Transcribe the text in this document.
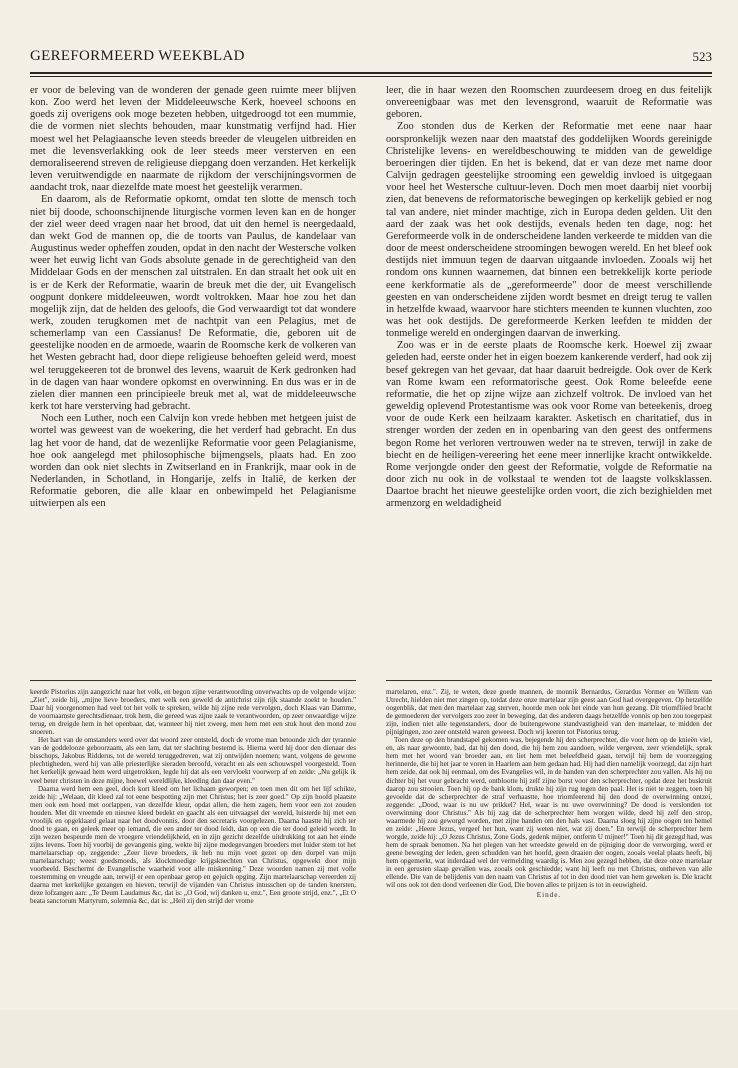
GEREFORMEERD WEEKBLAD	523

er voor de beleving van de wonderen der genade geen ruimte meer blijven kon. Zoo werd het leven der Middeleeuwsche Kerk, hoeveel schoons en goeds zij overigens ook moge bezeten hebben, uitgedroogd tot een mummie, die de vormen niet slechts behouden, maar kunstmatig verfijnd had. Hier moest wel het Pelagiaansche leven steeds breeder de vleugelen uitbreiden en met die levensverlakking ook de leer steeds meer versterven en een demoraliseerend streven de religieuse diepgang doen verzanden. Het kerkelijk leven veruitwendigde en naarmate de rijkdom der verschijningsvormen de aandacht trok, naar diezelfde mate moest het geestelijk verarmen.

En daarom, als de Reformatie opkomt, omdat ten slotte de mensch toch niet bij doode, schoonschijnende liturgische vormen leven kan en de honger der ziel weer deed vragen naar het brood, dat uit den hemel is neergedaald, dan wekt God de mannen op, die de toorts van Paulus, de kandelaar van Augustinus weder opheffen zouden, opdat in den nacht der Westersche volken weer het euwig licht van Gods absolute genade in de gerechtigheid van den Middelaar Gods en der menschen zal uitstralen. En dan straalt het ook uit en is er de Kerk der Reformatie, waarin de breuk met die der, uit Evangelisch oogpunt donkere middeleeuwen, wordt voltrokken. Maar hoe zou het dan mogelijk zijn, dat de helden des geloofs, die God verwaardigt tot dat wondere werk, zouden terugkomen met de nachtpit van een Pelagius, met de schemerlamp van een Cassianus! De Reformatie, die, geboren uit de geestelijke nooden en de armoede, waarin de Roomsche kerk de volkeren van het Westen gebracht had, door diepe religieuse behoeften geleid werd, moest wel teruggekeeren tot de bronwel des levens, waaruit de Kerk gedronken had in de dagen van haar wondere opkomst en overwinning. En dus was er in de zielen dier mannen een principieele breuk met al, wat de middeleeuwsche kerk tot hare versterving had gebracht.

Noch een Luther, noch een Calvijn kon vrede hebben met hetgeen juist de wortel was geweest van de woekering, die het verderf had gebracht. En dus lag het voor de hand, dat de wezenlijke Reformatie voor geen Pelagianisme, hoe ook aangelegd met philosophische bijmengsels, plaats had. En zoo worden dan ook niet slechts in Zwitserland en in Frankrijk, maar ook in de Nederlanden, in Schotland, in Hongarije, zelfs in Italië, de kerken der Reformatie geboren, die alle klaar en onbewimpeld het Pelagianisme uitwierpen als een

leer, die in haar wezen den Roomschen zuurdeesem droeg en dus feitelijk onvereenigbaar was met den levensgrond, waaruit de Reformatie was geboren.

Zoo stonden dus de Kerken der Reformatie met eene naar haar oorspronkelijk wezen naar den maatstaf des goddelijken Woords gereinigde Christelijke levens- en wereldbeschouwing te midden van de geweldige beroeringen dier tijden. En het is bekend, dat er van deze met name door Calvijn gedragen geestelijke strooming een geweldig invloed is uitgegaan voor heel het Westersche cultuur-leven. Doch men moet daarbij niet voorbij zien, dat benevens de reformatorische bewegingen op kerkelijk gebied er nog tal van andere, niet minder machtige, zich in Europa deden gelden. Uit den aard der zaak was het ook destijds, evenals heden ten dage, nog: het Gereformeerde volk in de onderscheidene landen verkeerde te midden van die door de meest onderscheidene stroomingen bewogen wereld. En het bleef ook destijds niet immuun tegen de daarvan uitgaande invloeden. Zooals wij het rondom ons kunnen waarnemen, dat binnen een betrekkelijk korte periode eene kerkformatie als de „gereformeerde" door de meest verschillende geesten en van onderscheidene zijden wordt besmet en dreigt terug te vallen in hetzelfde kwaad, waarvoor hare stichters meenden te kunnen vluchten, zoo was het ook destijds. De gereformeerde Kerken leefden te midden der tonmelige wereld en ondergingen daarvan de inwerking.

Zoo was er in de eerste plaats de Roomsche kerk. Hoewel zij zwaar geleden had, eerste onder het in eigen boezem kankerende verderf, had ook zij besef gekregen van het gevaar, dat haar daaruit bedreigde. Ook over de Kerk van Rome kwam een reformatorische geest. Ook Rome beleefde eene reformatie, die het op zijne wijze aan zichzelf voltrok. De invloed van het geweldig oplevend Protestantisme was ook voor Rome van beteekenis, droeg voor de oude Kerk een heilzaam karakter. Asketisch en charitatief, dus in strenger worden der zeden en in openbaring van den geest des ontfermens begon Rome het verloren vertrouwen weder na te streven, terwijl in zake de biecht en de heiligen-vereering het eene meer innerlijke kracht ontwikkelde. Rome verjongde onder den geest der Reformatie, volgde de Reformatie na door zich nu ook in de volkstaal te wenden tot de laagste volksklassen. Daartoe bracht het nieuwe geestelijke orden voort, die zich bezighielden met armenzorg en weldadigheid

keerde Pistorius zijn aangezicht naar het volk, en begon zijne verantwoording onverwachts op de volgende wijze: „Ziet", zeide hij, „mijne lieve broeders, met welk een geweld de antichrist zijn rijk staande zoekt te houden." Daar hij voorgenomen had veel tot het volk te spreken, wilde hij zijne rede vervolgen, doch Klaas van Damme, de voornaamste gerechtsdienaar, trok hem, die gereed was zijne zaak te verantwoorden, op zeer onwaardige wijze terug, en dreigde hem in het openbaar, dat, wanneer hij niet zweeg, men hem met een stuk hout den mond zou snoeren.

Het hart van de omstanders werd over dat woord zeer ontsteld, doch de vrome man betoonde zich der tyrannie van de goddelooze geboorzaam, als een lam, dat ter slachting bestemd is. Hierna werd hij door den dienaar des bisschops, Jakobus Ridderus, tot de wereld teruggedreven, wat zij ontwijden noemen; want, volgens de gewone plechtigheden, werd hij van alle priesterlijke sieraden beroofd, veracht en als een schouwspel voorgesteld. Toen het kerkelijk gewaad hem werd uitgetrokken, legde hij dat als een vervloekt voorwerp af en zeide: „Nu gelijk ik veel beter christen in deze mijne, hoewel wereldlijke, kleeding dan daar even."

Daarna werd hem een geel, doch kort kleed om het lichaam geworpen; en toen men dit om het lijf schikte, zeide hij: „Welaan, dit kleed zal tot eene bespotting zijn met Christus; het is zeer goed." Op zijn hoofd plaatste men ook een hoed met oorlappen, van dezelfde kleur, opdat allen, die hem zagen, hem voor een zot zouden houden. Met dit vreemde en nieuwe kleed bedekt en gaacht als een uitvaagsel der wereld, luisterde hij met een vroolijk en opgeklaard gelaat naar het doodvonnis, door den secretaris voorgelezen. Daarna haastte hij zich ter dood te gaan, en geleek meer op iemand, die een ander ter dood leidt, dan op een die ter dood geleid wordt. In zijn wezen bespeurde men de vroegere vriendelijkheid, en in zijn gezicht dezelfde uitdrukking tot aan het einde zijns levens. Toen hij voorbij de gevangenis ging, wekte hij zijne medegevangen broeders met luider stem tot het martelaarschap op, zeggende: „Zeer lieve broeders, ik heb nu mijn voet gezet op den dorpel van mijn martelaarschap; weest goedsmoeds, als klockmoedige krijgsknechten van Christus, opgewekt door mijn voorbeeld. Beschermt de Evangelische waarheid voor alle miskenning." Deze woorden namen zij met volle toestemming en vreugde aan, terwijl er een openbaar gerop en gejuich opging. Zijn martelaarschap vereerden zij daarna met kerkelijke gezangen en hieven, terwijl de vijanden van Christus intusschen op de tanden knersten, deze lofzangen aan: „Te Deum Laudamus &c, dat is: „O God, wij danken u, enz.", Een groote strijd, enz.", „Et O beata sanctorum Martyrum, solemnia &c, dat is: „Heil zij den strijd der vrome

martelaren, enz.". Zij, te weten, deze goede mannen, de monnik Bernardus, Gerardus Vormer en Willem van Utrecht, hielden niet met zingen op, totdat deze onze martelaar zijn geest aan God had overgegeven. Op hetzelfde oogenblik, dat men den martelaar zag sterven, hoorde men ook het einde van hun gezang. Dit triomfliied bracht de gemoederen der vervolgers zoo zeer in beweging, dat des anderen daags hetzelfde vonnis op hen zou toegepast zijn, indien niet alle tegenstanders, door de buitengewone standvastigheid van den martelaar, te midden der pijnigingen, zoo zeer ontsteld waren geweest. Doch wij keeren tot Pistorius terug.

Toen deze op den brandstapel gekomen was, bejegende hij den scherprechter, die voor hem op de knieën viel, en, als naar gewoonte, bad, dat hij den dood, die hij hem zou aandoen, wilde vergeven, zeer vriendelijk, sprak hem met het woord van broeder aan, en liet hem met beleefdheid gaan, terwijl hij hem de voorzegging herinnerde, die hij het jaar te voren in Haarlem aan hem gedaan had. Hij had dien namelijk voorzegd, dat zijn hart hem zeide, dat ook hij eenmaal, om des Evangelies wil, in de handen van den scherprechter zou vallen. Als hij nu dichter bij het vuur gebracht werd, ontblootte hij zelf zijne borst voor den scherprechter, opdat deze het buskruit daarop zou strooien. Toen hij op de bank klom, drukte hij zijn rug tegen den paal. Het is niet te zeggen, toen hij gevoelde dat de scherprechter de straf verhaastte, hoe triomfeerend hij den dood de overwinning ontzei, zeggende: „Dood, waar is nu uw prikkel? Hel, waar is nu uwe overwinning? De dood is verslonden tot overwinning door Christus." Als hij zag dat de scherprechter hem worgen wilde, deed hij zelf den strop, waarmede hij zou geworgd worden, met zijne handen om den hals vast. Daarna sloeg hij zijne oogen ten hemel en zeide: „Heere Jezus, vergeef het hun, want zij weten niet, wat zij doen." En terwijl de scherprechter hem worgde, zeide hij: „O Jezus Christus, Zone Gods, gedenk mijner, ontferm U mijner!" Toen hij dit gezegd had, was hem de spraak benomen. Na het plegen van het wreedste geweld en de pijniging door de verworging, werd er geene beweging der leden, geen schudden van het hoofd, geen draaien der oogen, zooals veelal plaats heeft, bij hem opgemerkt, wat inderdaad wel der vermelding waardig is. Men zou gezegd hebben, dat deze onze martelaar in een gerusten slaap gevallen was, zooals ook geschiedde; want hij leeft nu met Christus, ontheven van alle ellende. Die van de belijdenis van den naam van Christus af tot in den dood niet van hem geweken is. Die kracht wil ons ook tot den dood verleenen die God, Die boven alles te prijzen is tot in eeuwigheid.

Einde.
